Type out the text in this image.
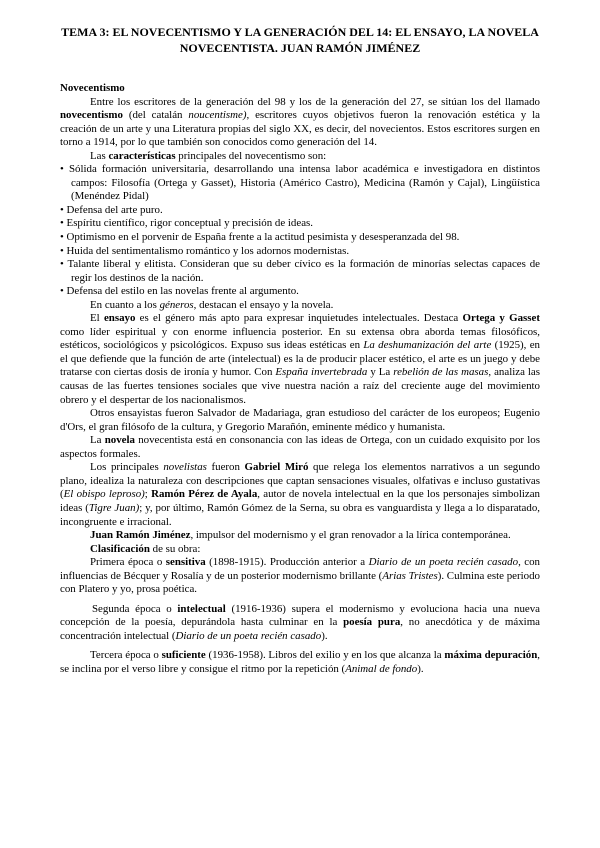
TEMA 3: EL NOVECENTISMO Y LA GENERACIÓN DEL 14: EL ENSAYO, LA NOVELA
NOVECENTISTA. JUAN RAMÓN JIMÉNEZ

Novecentismo

Entre los escritores de la generación del 98 y los de la generación del 27, se sitúan los del llamado novecentismo (del catalán noucentisme), escritores cuyos objetivos fueron la renovación estética y la creación de un arte y una Literatura propias del siglo XX, es decir, del novecientos. Estos escritores surgen en torno a 1914, por lo que también son conocidos como generación del 14.

Las características principales del novecentismo son:

• Sólida formación universitaria, desarrollando una intensa labor académica e investigadora en distintos campos: Filosofía (Ortega y Gasset), Historia (Américo Castro), Medicina (Ramón y Cajal), Lingüística (Menéndez Pidal)
• Defensa del arte puro.
• Espíritu científico, rigor conceptual y precisión de ideas.
• Optimismo en el porvenir de España frente a la actitud pesimista y desesperanzada del 98.
• Huida del sentimentalismo romántico y los adornos modernistas.
• Talante liberal y elitista. Consideran que su deber cívico es la formación de minorías selectas capaces de regir los destinos de la nación.
• Defensa del estilo en las novelas frente al argumento.

En cuanto a los géneros, destacan el ensayo y la novela.

El ensayo es el género más apto para expresar inquietudes intelectuales. Destaca Ortega y Gasset como líder espiritual y con enorme influencia posterior. En su extensa obra aborda temas filosóficos, estéticos, sociológicos y psicológicos. Expuso sus ideas estéticas en La deshumanización del arte (1925), en el que defiende que la función de arte (intelectual) es la de producir placer estético, el arte es un juego y debe tratarse con ciertas dosis de ironía y humor. Con España invertebrada y La rebelión de las masas, analiza las causas de las fuertes tensiones sociales que vive nuestra nación a raíz del creciente auge del movimiento obrero y el despertar de los nacionalismos.

Otros ensayistas fueron Salvador de Madariaga, gran estudioso del carácter de los europeos; Eugenio d'Ors, el gran filósofo de la cultura, y Gregorio Marañón, eminente médico y humanista.

La novela novecentista está en consonancia con las ideas de Ortega, con un cuidado exquisito por los aspectos formales.

Los principales novelistas fueron Gabriel Miró que relega los elementos narrativos a un segundo plano, idealiza la naturaleza con descripciones que captan sensaciones visuales, olfativas e incluso gustativas (El obispo leproso); Ramón Pérez de Ayala, autor de novela intelectual en la que los personajes simbolizan ideas (Tigre Juan); y, por último, Ramón Gómez de la Serna, su obra es vanguardista y llega a lo disparatado, incongruente e irracional.

Juan Ramón Jiménez, impulsor del modernismo y el gran renovador a la lírica contemporánea.

Clasificación de su obra:

Primera época o sensitiva (1898-1915). Producción anterior a Diario de un poeta recién casado, con influencias de Bécquer y Rosalía y de un posterior modernismo brillante (Arias Tristes). Culmina este periodo con Platero y yo, prosa poética.

Segunda época o intelectual (1916-1936) supera el modernismo y evoluciona hacia una nueva concepción de la poesía, depurándola hasta culminar en la poesía pura, no anecdótica y de máxima concentración intelectual (Diario de un poeta recién casado).

Tercera época o suficiente (1936-1958). Libros del exilio y en los que alcanza la máxima depuración, se inclina por el verso libre y consigue el ritmo por la repetición (Animal de fondo).
